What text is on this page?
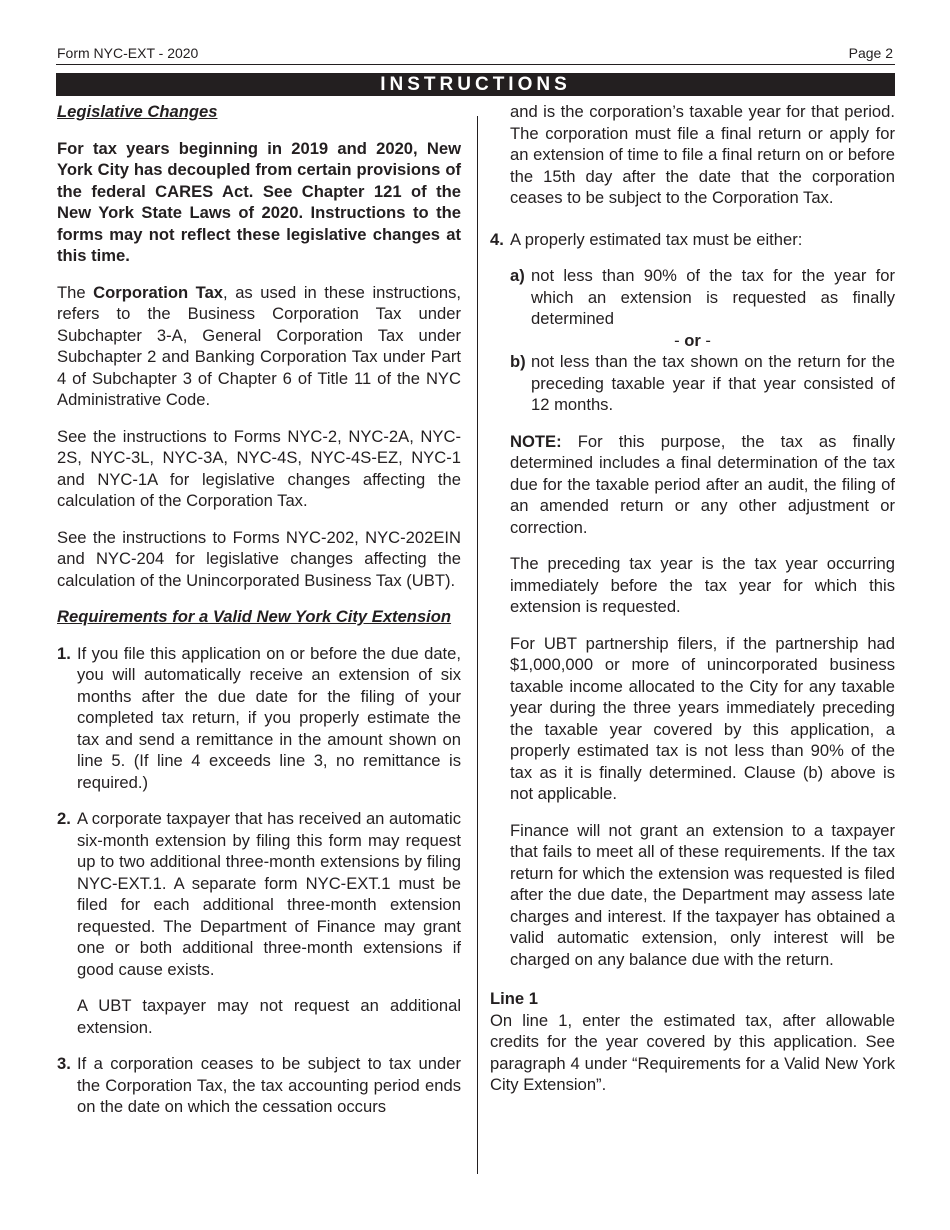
Form NYC-EXT - 2020	Page 2
INSTRUCTIONS
Legislative Changes

For tax years beginning in 2019 and 2020, New York City has decoupled from certain provisions of the federal CARES Act. See Chapter 121 of the New York State Laws of 2020. Instructions to the forms may not reflect these legislative changes at this time.

The Corporation Tax, as used in these instructions, refers to the Business Corporation Tax under Subchapter 3-A, General Corporation Tax under Subchapter 2 and Banking Corporation Tax under Part 4 of Subchapter 3 of Chapter 6 of Title 11 of the NYC Administrative Code.

See the instructions to Forms NYC-2, NYC-2A, NYC-2S, NYC-3L, NYC-3A, NYC-4S, NYC-4S-EZ, NYC-1 and NYC-1A for legislative changes affecting the calculation of the Corporation Tax.

See the instructions to Forms NYC-202, NYC-202EIN and NYC-204 for legislative changes affecting the calculation of the Unincorporated Business Tax (UBT).

Requirements for a Valid New York City Extension
1. If you file this application on or before the due date, you will automatically receive an extension of six months after the due date for the filing of your completed tax return, if you properly estimate the tax and send a remittance in the amount shown on line 5. (If line 4 exceeds line 3, no remittance is required.)
2. A corporate taxpayer that has received an automatic six-month extension by filing this form may request up to two additional three-month extensions by filing NYC-EXT.1. A separate form NYC-EXT.1 must be filed for each additional three-month extension requested. The Department of Finance may grant one or both additional three-month extensions if good cause exists.

A UBT taxpayer may not request an additional extension.

3. If a corporation ceases to be subject to tax under the Corporation Tax, the tax accounting period ends on the date on which the cessation occurs

and is the corporation’s taxable year for that period. The corporation must file a final return or apply for an extension of time to file a final return on or before the 15th day after the date that the corporation ceases to be subject to the Corporation Tax.

4. A properly estimated tax must be either:
a) not less than 90% of the tax for the year for which an extension is requested as finally determined

- or -

b) not less than the tax shown on the return for the preceding taxable year if that year consisted of 12 months.

NOTE: For this purpose, the tax as finally determined includes a final determination of the tax due for the taxable period after an audit, the filing of an amended return or any other adjustment or correction.

The preceding tax year is the tax year occurring immediately before the tax year for which this extension is requested.

For UBT partnership filers, if the partnership had $1,000,000 or more of unincorporated business taxable income allocated to the City for any taxable year during the three years immediately preceding the taxable year covered by this application, a properly estimated tax is not less than 90% of the tax as it is finally determined. Clause (b) above is not applicable.

Finance will not grant an extension to a taxpayer that fails to meet all of these requirements. If the tax return for which the extension was requested is filed after the due date, the Department may assess late charges and interest. If the taxpayer has obtained a valid automatic extension, only interest will be charged on any balance due with the return.

Line 1

On line 1, enter the estimated tax, after allowable credits for the year covered by this application. See paragraph 4 under “Requirements for a Valid New York City Extension”.
